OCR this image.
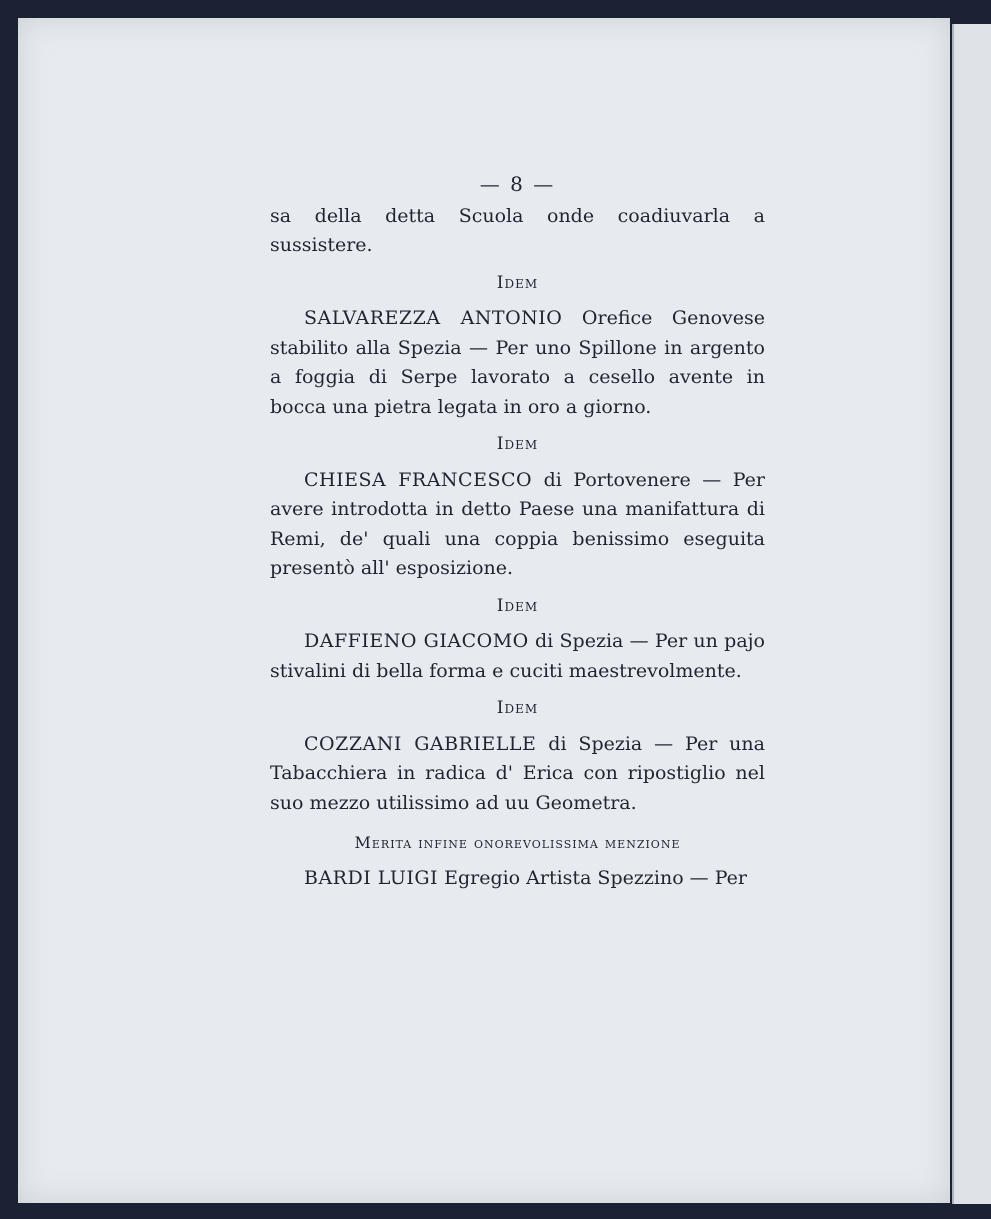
— 8 —

sa della detta Scuola onde coadiuvarla a sussistere.

Idem

SALVAREZZA ANTONIO Orefice Genovese stabilito alla Spezia — Per uno Spillone in argento a foggia di Serpe lavorato a cesello avente in bocca una pietra legata in oro a giorno.

Idem

CHIESA FRANCESCO di Portovenere — Per avere introdotta in detto Paese una manifattura di Remi, de' quali una coppia benissimo eseguita presentò all' esposizione.

Idem

DAFFIENO GIACOMO di Spezia — Per un pajo stivalini di bella forma e cuciti maestrevolmente.

Idem

COZZANI GABRIELLE di Spezia — Per una Tabacchiera in radica d' Erica con ripostiglio nel suo mezzo utilissimo ad uu Geometra.

Merita infine onorevolissima menzione

BARDI LUIGI Egregio Artista Spezzino — Per
